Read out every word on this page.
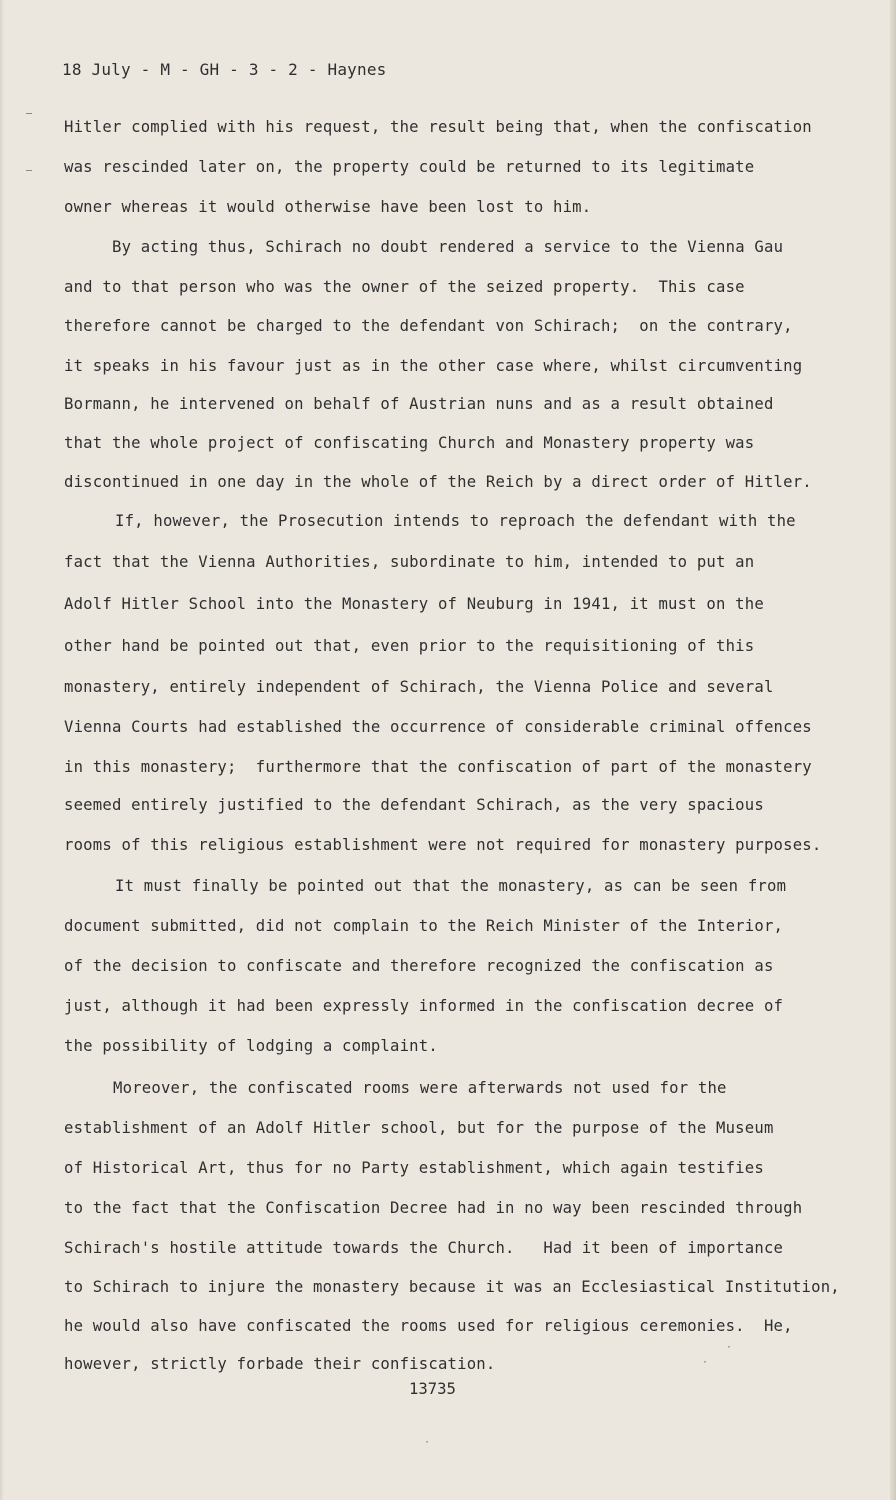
18 July - M - GH - 3 - 2 - Haynes
Hitler complied with his request, the result being that, when the confiscation
was rescinded later on, the property could be returned to its legitimate
owner whereas it would otherwise have been lost to him.
By acting thus, Schirach no doubt rendered a service to the Vienna Gau
and to that person who was the owner of the seized property.  This case
therefore cannot be charged to the defendant von Schirach;  on the contrary,
it speaks in his favour just as in the other case where, whilst circumventing
Bormann, he intervened on behalf of Austrian nuns and as a result obtained
that the whole project of confiscating Church and Monastery property was
discontinued in one day in the whole of the Reich by a direct order of Hitler.
If, however, the Prosecution intends to reproach the defendant with the
fact that the Vienna Authorities, subordinate to him, intended to put an
Adolf Hitler School into the Monastery of Neuburg in 1941, it must on the
other hand be pointed out that, even prior to the requisitioning of this
monastery, entirely independent of Schirach, the Vienna Police and several
Vienna Courts had established the occurrence of considerable criminal offences
in this monastery;  furthermore that the confiscation of part of the monastery
seemed entirely justified to the defendant Schirach, as the very spacious
rooms of this religious establishment were not required for monastery purposes.
It must finally be pointed out that the monastery, as can be seen from
document submitted, did not complain to the Reich Minister of the Interior,
of the decision to confiscate and therefore recognized the confiscation as
just, although it had been expressly informed in the confiscation decree of
the possibility of lodging a complaint.
Moreover, the confiscated rooms were afterwards not used for the
establishment of an Adolf Hitler school, but for the purpose of the Museum
of Historical Art, thus for no Party establishment, which again testifies
to the fact that the Confiscation Decree had in no way been rescinded through
Schirach's hostile attitude towards the Church.   Had it been of importance
to Schirach to injure the monastery because it was an Ecclesiastical Institution,
he would also have confiscated the rooms used for religious ceremonies.  He,
however, strictly forbade their confiscation.
13735
·
·
·
